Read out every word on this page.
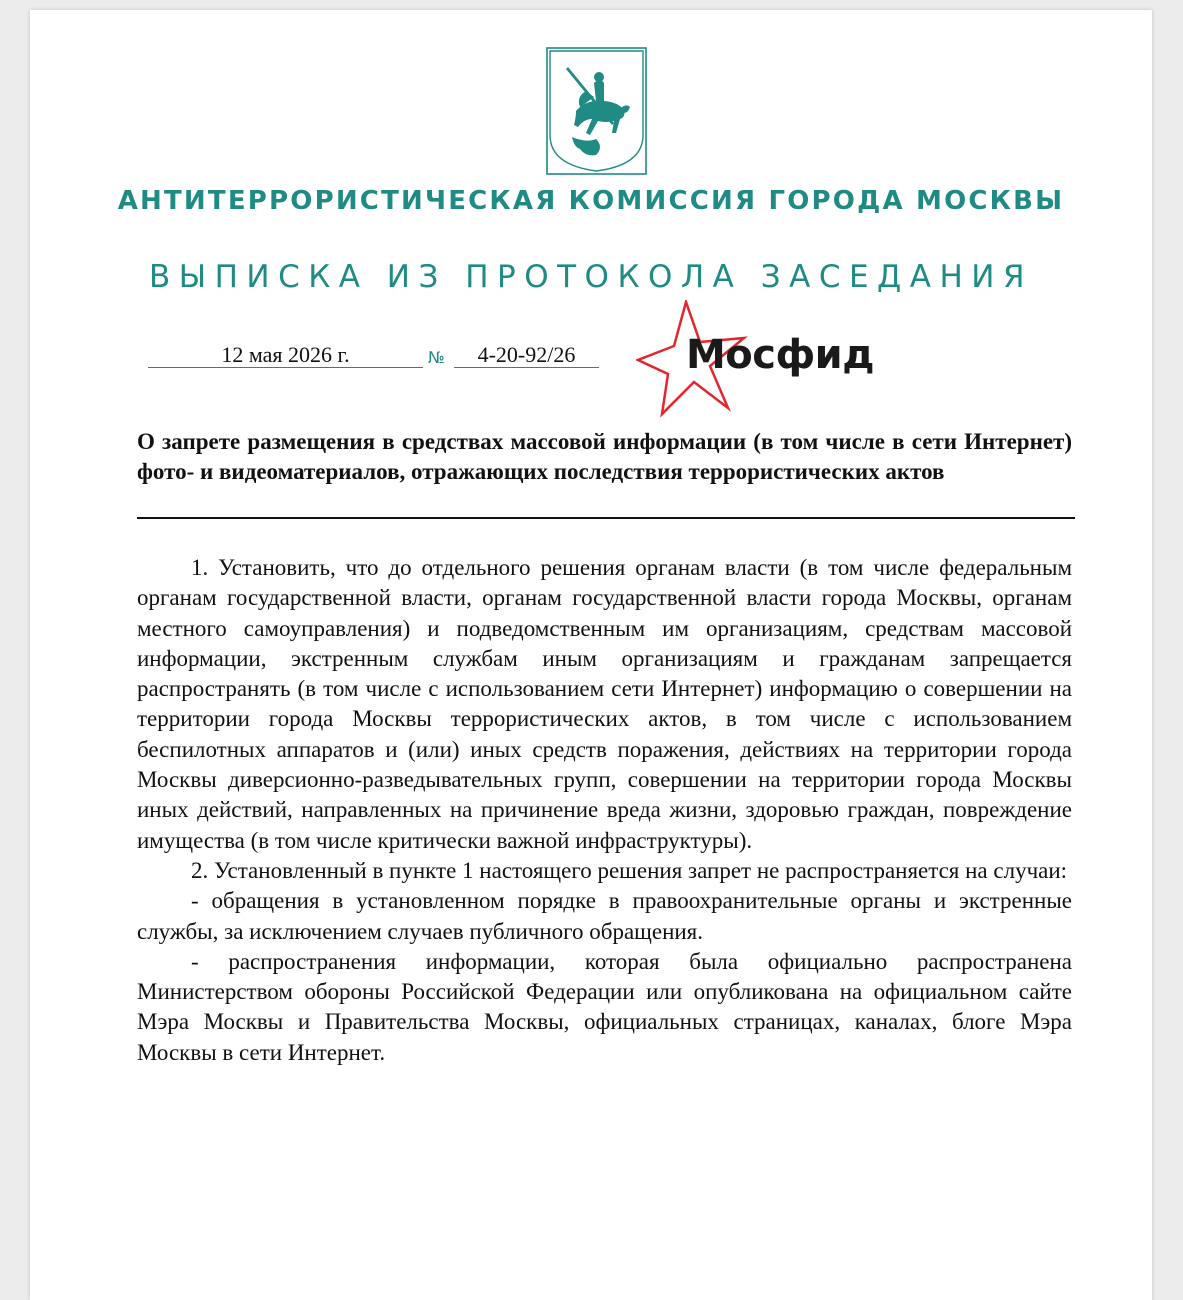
АНТИТЕРРОРИСТИЧЕСКАЯ КОМИССИЯ ГОРОДА МОСКВЫ
ВЫПИСКА ИЗ ПРОТОКОЛА ЗАСЕДАНИЯ
12 мая 2026 г.	№	4-20-92/26	Мосфид
О запрете размещения в средствах массовой информации (в том числе в сети Интернет) фото- и видеоматериалов, отражающих последствия террористических актов

1. Установить, что до отдельного решения органам власти (в том числе федеральным органам государственной власти, органам государственной власти города Москвы, органам местного самоуправления) и подведомственным им организациям, средствам массовой информации, экстренным службам иным организациям и гражданам запрещается распространять (в том числе с использованием сети Интернет) информацию о совершении на территории города Москвы террористических актов, в том числе с использованием беспилотных аппаратов и (или) иных средств поражения, действиях на территории города Москвы диверсионно-разведывательных групп, совершении на территории города Москвы иных действий, направленных на причинение вреда жизни, здоровью граждан, повреждение имущества (в том числе критически важной инфраструктуры).

2. Установленный в пункте 1 настоящего решения запрет не распространяется на случаи:

- обращения в установленном порядке в правоохранительные органы и экстренные службы, за исключением случаев публичного обращения.

- распространения информации, которая была официально распространена Министерством обороны Российской Федерации или опубликована на официальном сайте Мэра Москвы и Правительства Москвы, официальных страницах, каналах, блоге Мэра Москвы в сети Интернет.
